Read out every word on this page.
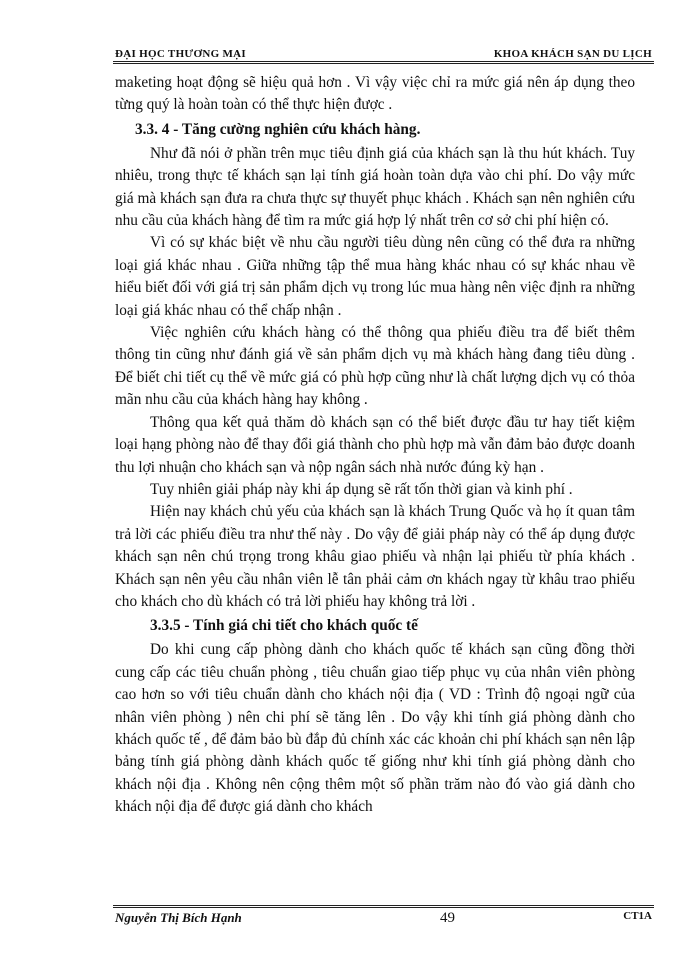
ĐẠI HỌC THƯƠNG MẠI	KHOA KHÁCH SẠN DU LỊCH

maketing hoạt động sẽ hiệu quả hơn . Vì vậy việc chỉ ra mức giá nên áp dụng theo từng quý là hoàn toàn có thể thực hiện được .

3.3. 4 - Tăng cường nghiên cứu khách hàng.

Như đã nói ở phần trên mục tiêu định giá của khách sạn là thu hút khách. Tuy nhiêu, trong thực tế khách sạn lại tính giá hoàn toàn dựa vào chi phí. Do vậy mức giá mà khách sạn đưa ra chưa thực sự thuyết phục khách . Khách sạn nên nghiên cứu nhu cầu của khách hàng để tìm ra mức giá hợp lý nhất trên cơ sở chi phí hiện có.

Vì có sự khác biệt về nhu cầu người tiêu dùng nên cũng có thể đưa ra những loại giá khác nhau . Giữa những tập thể mua hàng khác nhau có sự khác nhau về hiểu biết đối với giá trị sản phẩm dịch vụ trong lúc mua hàng nên việc định ra những loại giá khác nhau có thể chấp nhận .

Việc nghiên cứu khách hàng có thể thông qua phiếu điều tra để biết thêm thông tin cũng như đánh giá về sản phẩm dịch vụ mà khách hàng đang tiêu dùng . Để biết chi tiết cụ thể về mức giá có phù hợp cũng như là chất lượng dịch vụ có thỏa mãn nhu cầu của khách hàng hay không .

Thông qua kết quả thăm dò khách sạn có thể biết được đầu tư hay tiết kiệm loại hạng phòng nào để thay đổi giá thành cho phù hợp mà vẫn đảm bảo được doanh thu lợi nhuận cho khách sạn và nộp ngân sách nhà nước đúng kỳ hạn .

Tuy nhiên giải pháp này khi áp dụng sẽ rất tốn thời gian và kinh phí .

Hiện nay khách chủ yếu của khách sạn là khách Trung Quốc và họ ít quan tâm trả lời các phiếu điều tra như thế này . Do vậy để giải pháp này có thể áp dụng được khách sạn nên chú trọng trong khâu giao phiếu và nhận lại phiếu từ phía khách . Khách sạn nên yêu cầu nhân viên lễ tân phải cảm ơn khách ngay từ khâu trao phiếu cho khách cho dù khách có trả lời phiếu hay không trả lời .

3.3.5 - Tính giá chi tiết cho khách quốc tế

Do khi cung cấp phòng dành cho khách quốc tế khách sạn cũng đồng thời cung cấp các tiêu chuẩn phòng , tiêu chuẩn giao tiếp phục vụ của nhân viên phòng cao hơn so với tiêu chuẩn dành cho khách nội địa ( VD : Trình độ ngoại ngữ của nhân viên phòng ) nên chi phí sẽ tăng lên . Do vậy khi tính giá phòng dành cho khách quốc tế , để đảm bảo bù đắp đủ chính xác các khoản chi phí khách sạn nên lập bảng tính giá phòng dành khách quốc tế giống như khi tính giá phòng dành cho khách nội địa . Không nên cộng thêm một số phần trăm nào đó vào giá dành cho khách nội địa để được giá dành cho khách

Nguyễn Thị Bích Hạnh	49	CT1A
